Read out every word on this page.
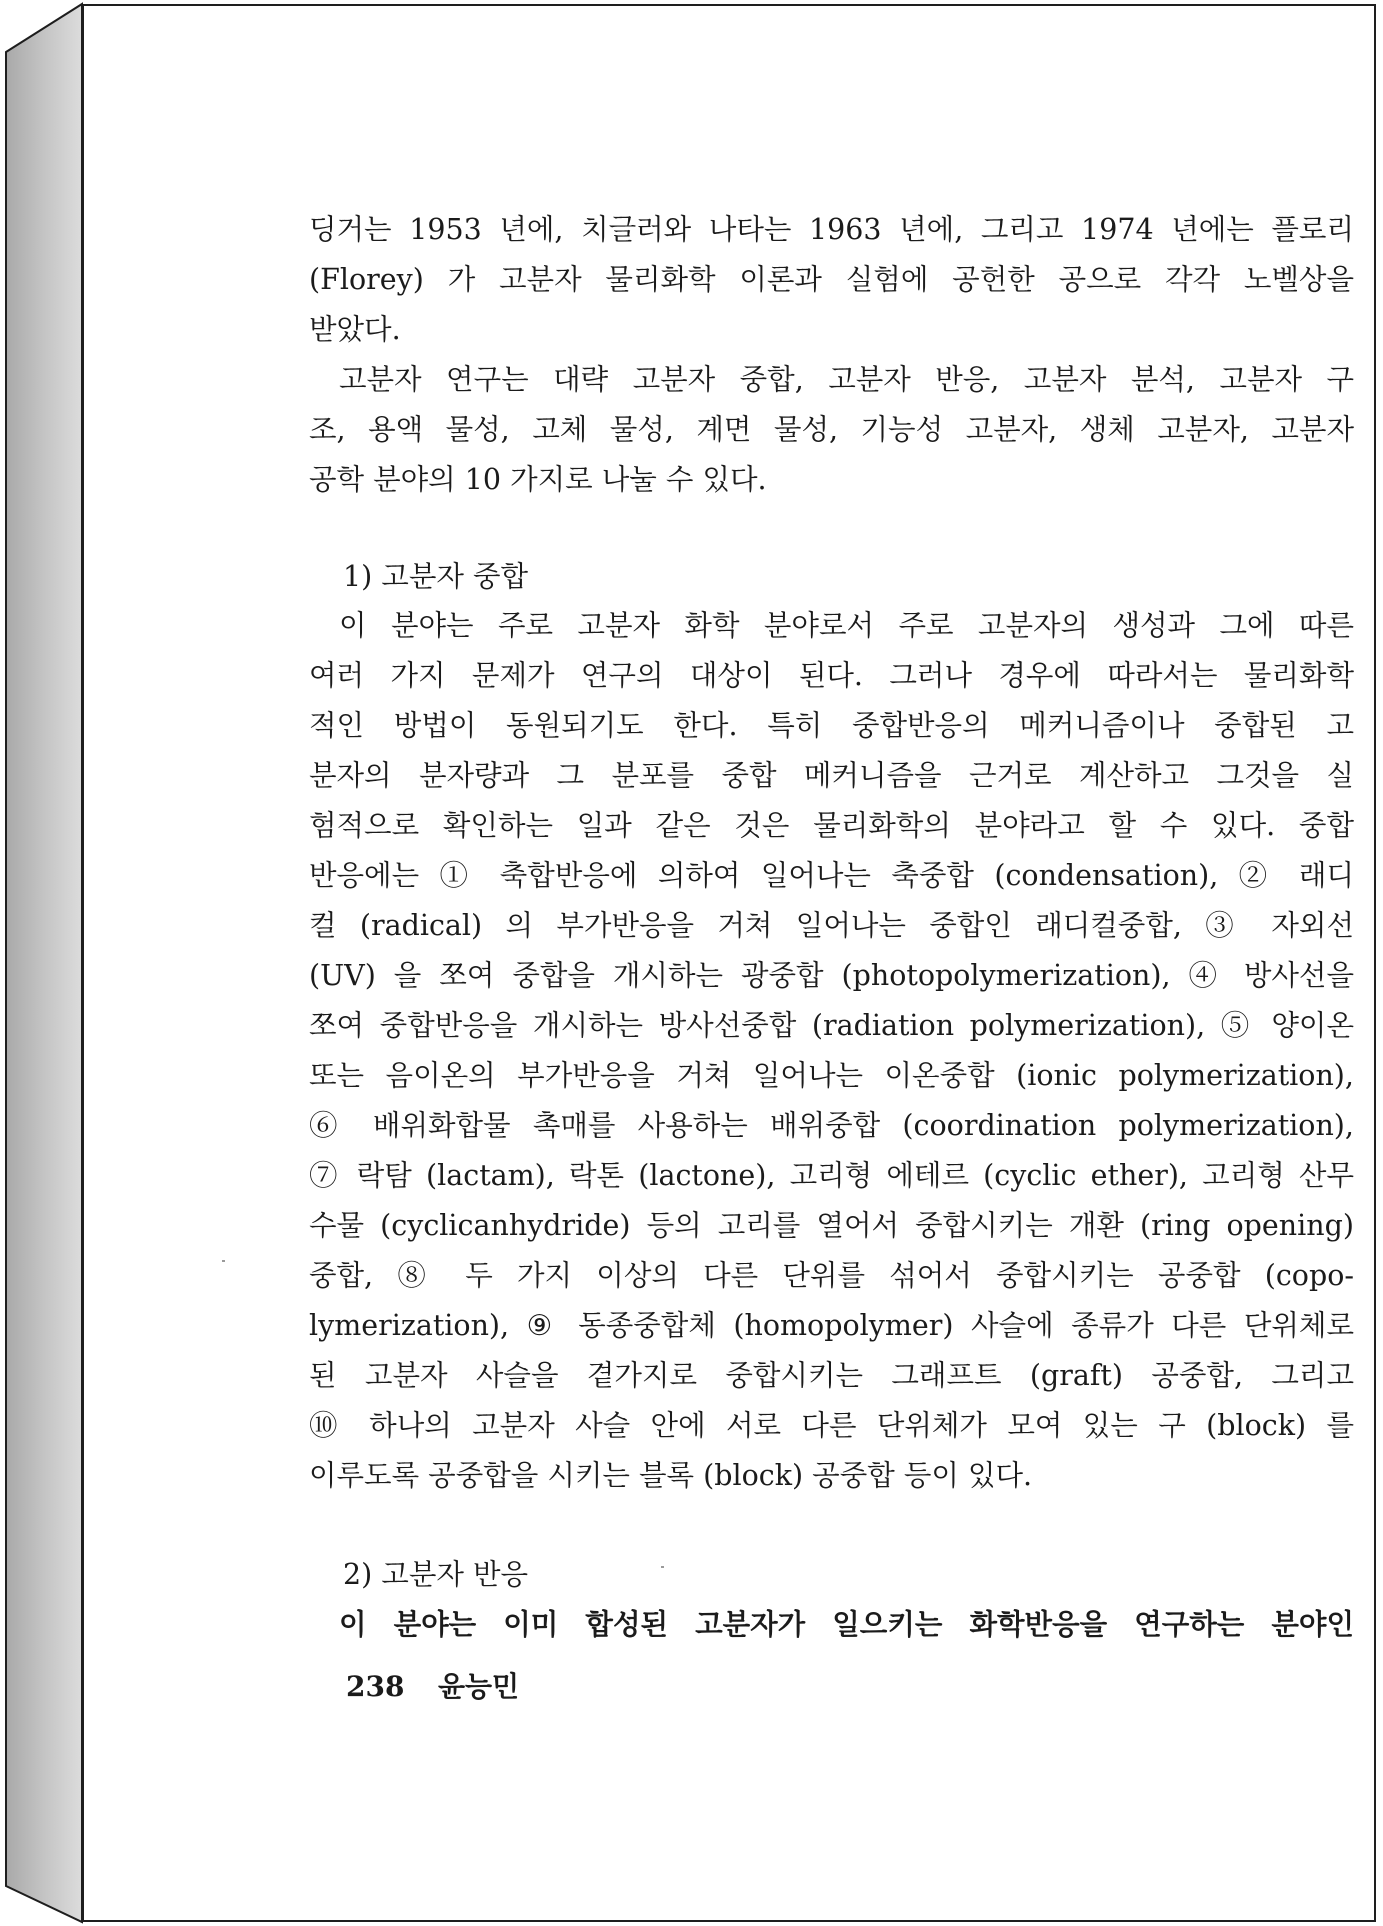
딩거는 1953 년에, 치글러와 나타는 1963 년에, 그리고 1974 년에는 플로리
(Florey) 가 고분자 물리화학 이론과 실험에 공헌한 공으로 각각 노벨상을
받았다.
고분자 연구는 대략 고분자 중합, 고분자 반응, 고분자 분석, 고분자 구
조, 용액 물성, 고체 물성, 계면 물성, 기능성 고분자, 생체 고분자, 고분자
공학 분야의 10 가지로 나눌 수 있다.
1) 고분자 중합
이 분야는 주로 고분자 화학 분야로서 주로 고분자의 생성과 그에 따른
여러 가지 문제가 연구의 대상이 된다. 그러나 경우에 따라서는 물리화학
적인 방법이 동원되기도 한다. 특히 중합반응의 메커니즘이나 중합된 고
분자의 분자량과 그 분포를 중합 메커니즘을 근거로 계산하고 그것을 실
험적으로 확인하는 일과 같은 것은 물리화학의 분야라고 할 수 있다. 중합
반응에는 ① 축합반응에 의하여 일어나는 축중합 (condensation), ② 래디
컬 (radical) 의 부가반응을 거쳐 일어나는 중합인 래디컬중합, ③ 자외선
(UV) 을 쪼여 중합을 개시하는 광중합 (photopolymerization), ④ 방사선을
쪼여 중합반응을 개시하는 방사선중합 (radiation polymerization), ⑤ 양이온
또는 음이온의 부가반응을 거쳐 일어나는 이온중합 (ionic polymerization),
⑥ 배위화합물 촉매를 사용하는 배위중합 (coordination polymerization),
⑦ 락탐 (lactam), 락톤 (lactone), 고리형 에테르 (cyclic ether), 고리형 산무
수물 (cyclicanhydride) 등의 고리를 열어서 중합시키는 개환 (ring opening)
중합, ⑧ 두 가지 이상의 다른 단위를 섞어서 중합시키는 공중합 (copo-
lymerization), ⑨ 동종중합체 (homopolymer) 사슬에 종류가 다른 단위체로
된 고분자 사슬을 곁가지로 중합시키는 그래프트 (graft) 공중합, 그리고
⑩ 하나의 고분자 사슬 안에 서로 다른 단위체가 모여 있는 구 (block) 를
이루도록 공중합을 시키는 블록 (block) 공중합 등이 있다.
2) 고분자 반응
이 분야는 이미 합성된 고분자가 일으키는 화학반응을 연구하는 분야인
238 윤능민
